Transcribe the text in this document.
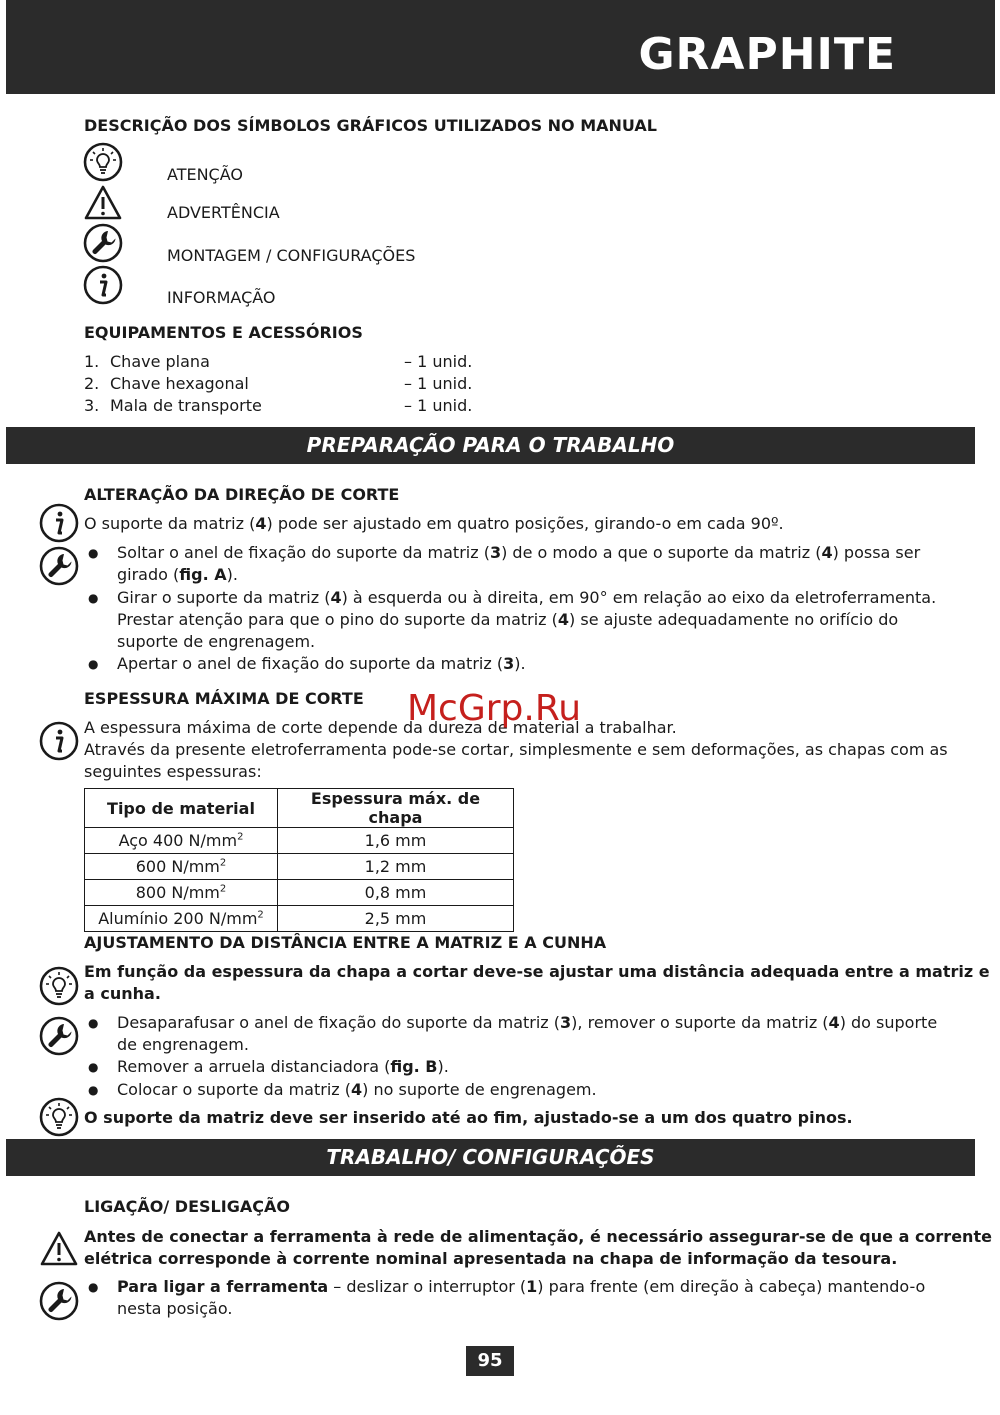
GRAPHITE
DESCRIÇÃO DOS SÍMBOLOS GRÁFICOS UTILIZADOS NO MANUAL
ATENÇÃO
ADVERTÊNCIA
MONTAGEM / CONFIGURAÇÕES
INFORMAÇÃO
EQUIPAMENTOS E ACESSÓRIOS
1. Chave plana	– 1 unid.
2. Chave hexagonal	– 1 unid.
3. Mala de transporte	– 1 unid.
PREPARAÇÃO PARA O TRABALHO
ALTERAÇÃO DA DIREÇÃO DE CORTE
O suporte da matriz (4) pode ser ajustado em quatro posições, girando-o em cada 90º.
● Soltar o anel de fixação do suporte da matriz (3) de o modo a que o suporte da matriz (4) possa ser
girado (fig. A).
● Girar o suporte da matriz (4) à esquerda ou à direita, em 90° em relação ao eixo da eletroferramenta.
Prestar atenção para que o pino do suporte da matriz (4) se ajuste adequadamente no orifício do
suporte de engrenagem.
● Apertar o anel de fixação do suporte da matriz (3).
ESPESSURA MÁXIMA DE CORTE
A espessura máxima de corte depende da dureza de material a trabalhar.
Através da presente eletroferramenta pode-se cortar, simplesmente e sem deformações, as chapas com as
seguintes espessuras:
McGrp.Ru
Tipo de material	Espessura máx. de chapa
Aço 400 $N/mm^2$	1,6 mm
600 $N/mm^2$	1,2 mm
800 $N/mm^2$	0,8 mm
Alumínio 200 $N/mm^2$	2,5 mm
AJUSTAMENTO DA DISTÂNCIA ENTRE A MATRIZ E A CUNHA
Em função da espessura da chapa a cortar deve-se ajustar uma distância adequada entre a matriz e
a cunha.
● Desaparafusar o anel de fixação do suporte da matriz (3), remover o suporte da matriz (4) do suporte
de engrenagem.
● Remover a arruela distanciadora (fig. B).
● Colocar o suporte da matriz (4) no suporte de engrenagem.
O suporte da matriz deve ser inserido até ao fim, ajustado-se a um dos quatro pinos.
TRABALHO/ CONFIGURAÇÕES
LIGAÇÃO/ DESLIGAÇÃO
Antes de conectar a ferramenta à rede de alimentação, é necessário assegurar-se de que a corrente
elétrica corresponde à corrente nominal apresentada na chapa de informação da tesoura.
● Para ligar a ferramenta – deslizar o interruptor (1) para frente (em direção à cabeça) mantendo-o
nesta posição.
95
